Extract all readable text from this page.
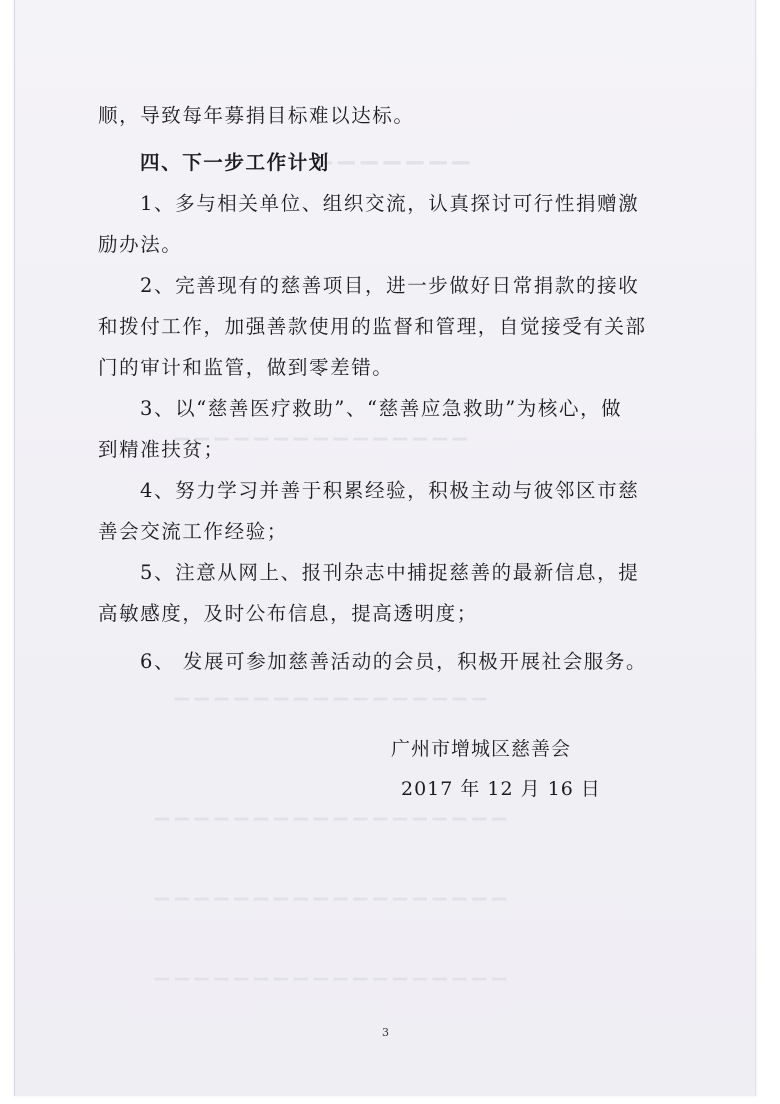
▁▁▁▁▁▁▁
▁▁▁▁▁▁▁▁▁▁▁▁▁▁▁
▁▁▁▁▁▁▁▁▁▁▁▁▁▁▁▁
▁▁▁▁▁▁▁▁▁▁▁▁▁▁▁▁▁▁
▁▁▁▁▁▁▁▁▁▁▁▁▁▁▁▁▁▁
▁▁▁▁▁▁▁▁▁▁▁▁▁▁▁▁▁▁
顺，导致每年募捐目标难以达标。
四、下一步工作计划
1、多与相关单位、组织交流，认真探讨可行性捐赠激
励办法。
2、完善现有的慈善项目，进一步做好日常捐款的接收
和拨付工作，加强善款使用的监督和管理，自觉接受有关部
门的审计和监管，做到零差错。
3、以“慈善医疗救助”、“慈善应急救助”为核心，做
到精准扶贫；
4、努力学习并善于积累经验，积极主动与彼邻区市慈
善会交流工作经验；
5、注意从网上、报刊杂志中捕捉慈善的最新信息，提
高敏感度，及时公布信息，提高透明度；
6、 发展可参加慈善活动的会员，积极开展社会服务。
广州市增城区慈善会
2017 年 12 月 16 日
3
